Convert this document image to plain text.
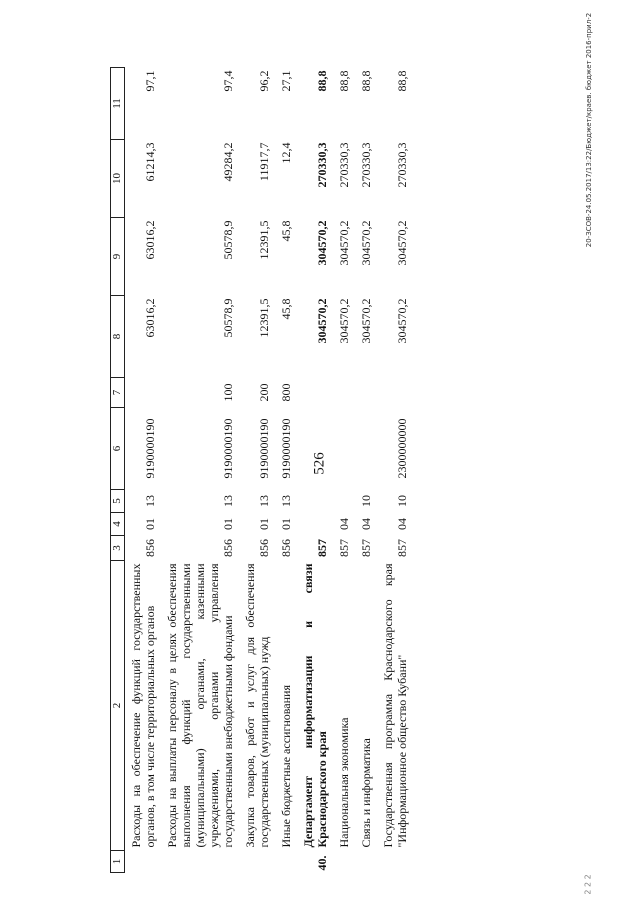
526
20-ЗСОВ-24.05.2017/13:22/Бюджет/краев. бюджет 2016-прил-2
2 2 2
1	2	3	4	5	6	7	8	9	10	11
	Расходы на обеспечение функций государственных органов, в том числе территориальных органов	856	01	13	9190000190		63016,2	63016,2	61214,3	97,1
	Расходы на выплаты персоналу в целях обеспечения выполнения функций государственными (муниципальными) органами, казенными учреждениями, органами управления государственными внебюджетными фондами	856	01	13	9190000190	100	50578,9	50578,9	49284,2	97,4
	Закупка товаров, работ и услуг для обеспечения государственных (муниципальных) нужд	856	01	13	9190000190	200	12391,5	12391,5	11917,7	96,2
	Иные бюджетные ассигнования	856	01	13	9190000190	800	45,8	45,8	12,4	27,1
40.	Департамент информатизации и связи Краснодарского края	857					304570,2	304570,2	270330,3	88,8
	Национальная экономика	857	04				304570,2	304570,2	270330,3	88,8
	Связь и информатика	857	04	10			304570,2	304570,2	270330,3	88,8
	Государственная программа Краснодарского края "Информационное общество Кубани"	857	04	10	2300000000		304570,2	304570,2	270330,3	88,8
